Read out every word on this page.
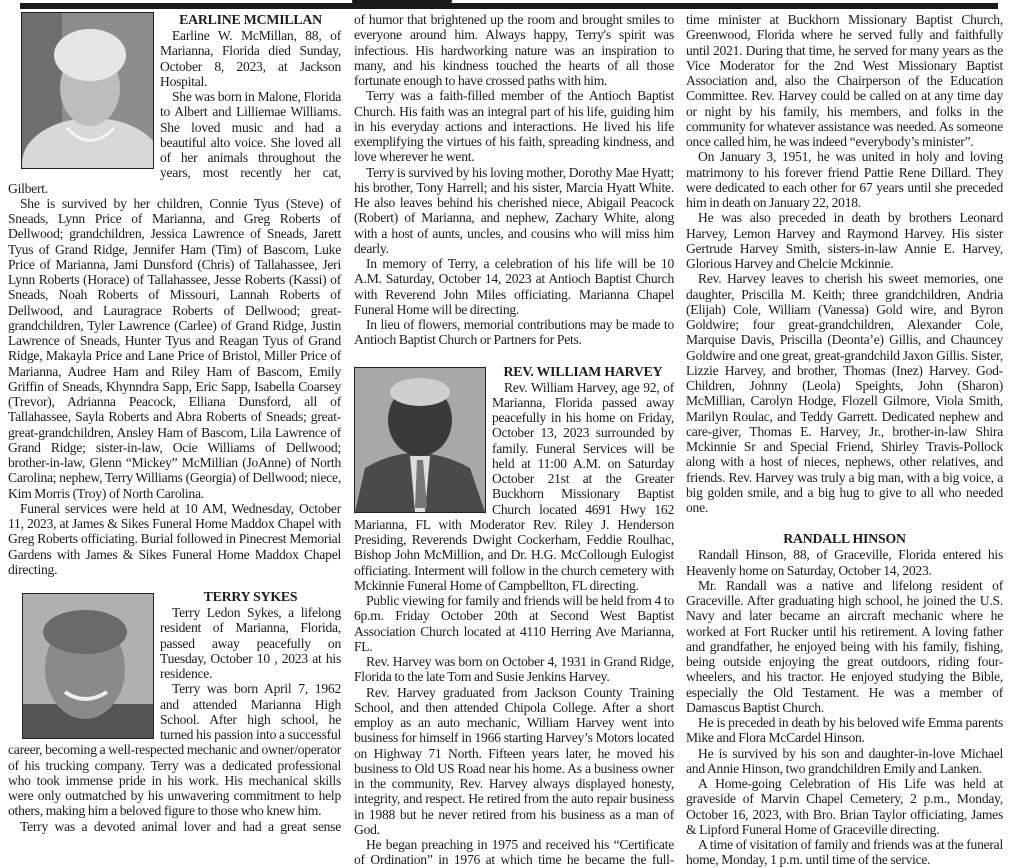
EARLINE MCMILLAN

Earline W. McMillan, 88, of Marianna, Florida died Sunday, October 8, 2023, at Jackson Hospital.

She was born in Malone, Florida to Albert and Lilliemae Williams. She loved music and had a beautiful alto voice. She loved all of her animals throughout the years, most recently her cat, Gilbert.

She is survived by her children, Connie Tyus (Steve) of Sneads, Lynn Price of Marianna, and Greg Roberts of Dellwood; grandchildren, Jessica Lawrence of Sneads, Jarett Tyus of Grand Ridge, Jennifer Ham (Tim) of Bascom, Luke Price of Marianna, Jami Dunsford (Chris) of Tallahassee, Jeri Lynn Roberts (Horace) of Tallahassee, Jesse Roberts (Kassi) of Sneads, Noah Roberts of Missouri, Lannah Roberts of Dellwood, and Lauragrace Roberts of Dellwood; great-grandchildren, Tyler Lawrence (Carlee) of Grand Ridge, Justin Lawrence of Sneads, Hunter Tyus and Reagan Tyus of Grand Ridge, Makayla Price and Lane Price of Bristol, Miller Price of Marianna, Audree Ham and Riley Ham of Bascom, Emily Griffin of Sneads, Khynndra Sapp, Eric Sapp, Isabella Coarsey (Trevor), Adrianna Peacock, Elliana Dunsford, all of Tallahassee, Sayla Roberts and Abra Roberts of Sneads; great-great-grandchildren, Ansley Ham of Bascom, Lila Lawrence of Grand Ridge; sister-in-law, Ocie Williams of Dellwood; brother-in-law, Glenn “Mickey” McMillian (JoAnne) of North Carolina; nephew, Terry Williams (Georgia) of Dellwood; niece, Kim Morris (Troy) of North Carolina.

Funeral services were held at 10 AM, Wednesday, October 11, 2023, at James & Sikes Funeral Home Maddox Chapel with Greg Roberts officiating. Burial followed in Pinecrest Memorial Gardens with James & Sikes Funeral Home Maddox Chapel directing.

TERRY SYKES

Terry Ledon Sykes, a lifelong resident of Marianna, Florida, passed away peacefully on Tuesday, October 10 , 2023 at his residence.

Terry was born April 7, 1962 and attended Marianna High School. After high school, he turned his passion into a successful career, becoming a well-respected mechanic and owner/operator of his trucking company. Terry was a dedicated professional who took immense pride in his work. His mechanical skills were only outmatched by his unwavering commitment to help others, making him a beloved figure to those who knew him.

Terry was a devoted animal lover and had a great sense

of humor that brightened up the room and brought smiles to everyone around him. Always happy, Terry's spirit was infectious. His hardworking nature was an inspiration to many, and his kindness touched the hearts of all those fortunate enough to have crossed paths with him.

Terry was a faith-filled member of the Antioch Baptist Church. His faith was an integral part of his life, guiding him in his everyday actions and interactions. He lived his life exemplifying the virtues of his faith, spreading kindness, and love wherever he went.

Terry is survived by his loving mother, Dorothy Mae Hyatt; his brother, Tony Harrell; and his sister, Marcia Hyatt White. He also leaves behind his cherished niece, Abigail Peacock (Robert) of Marianna, and nephew, Zachary White, along with a host of aunts, uncles, and cousins who will miss him dearly.

In memory of Terry, a celebration of his life will be 10 A.M. Saturday, October 14, 2023 at Antioch Baptist Church with Reverend John Miles officiating. Marianna Chapel Funeral Home will be directing.

In lieu of flowers, memorial contributions may be made to Antioch Baptist Church or Partners for Pets.

REV. WILLIAM HARVEY

Rev. William Harvey, age 92, of Marianna, Florida passed away peacefully in his home on Friday, October 13, 2023 surrounded by family. Funeral Services will be held at 11:00 A.M. on Saturday October 21st at the Greater Buckhorn Missionary Baptist Church located 4691 Hwy 162 Marianna, FL with Moderator Rev. Riley J. Henderson Presiding, Reverends Dwight Cockerham, Feddie Roulhac, Bishop John McMillion, and Dr. H.G. McCollough Eulogist officiating. Interment will follow in the church cemetery with Mckinnie Funeral Home of Campbellton, FL directing.

Public viewing for family and friends will be held from 4 to 6p.m. Friday October 20th at Second West Baptist Association Church located at 4110 Herring Ave Marianna, FL.

Rev. Harvey was born on October 4, 1931 in Grand Ridge, Florida to the late Tom and Susie Jenkins Harvey.

Rev. Harvey graduated from Jackson County Training School, and then attended Chipola College. After a short employ as an auto mechanic, William Harvey went into business for himself in 1966 starting Harvey’s Motors located on Highway 71 North. Fifteen years later, he moved his business to Old US Road near his home. As a business owner in the community, Rev. Harvey always displayed honesty, integrity, and respect. He retired from the auto repair business in 1988 but he never retired from his business as a man of God.

He began preaching in 1975 and received his “Certificate of Ordination” in 1976 at which time he became the full-

time minister at Buckhorn Missionary Baptist Church, Greenwood, Florida where he served fully and faithfully until 2021. During that time, he served for many years as the Vice Moderator for the 2nd West Missionary Baptist Association and, also the Chairperson of the Education Committee. Rev. Harvey could be called on at any time day or night by his family, his members, and folks in the community for whatever assistance was needed. As someone once called him, he was indeed “everybody’s minister”.

On January 3, 1951, he was united in holy and loving matrimony to his forever friend Pattie Rene Dillard. They were dedicated to each other for 67 years until she preceded him in death on January 22, 2018.

He was also preceded in death by brothers Leonard Harvey, Lemon Harvey and Raymond Harvey. His sister Gertrude Harvey Smith, sisters-in-law Annie E. Harvey, Glorious Harvey and Chelcie Mckinnie.

Rev. Harvey leaves to cherish his sweet memories, one daughter, Priscilla M. Keith; three grandchildren, Andria (Elijah) Cole, William (Vanessa) Gold wire, and Byron Goldwire; four great-grandchildren, Alexander Cole, Marquise Davis, Priscilla (Deonta’e) Gillis, and Chauncey Goldwire and one great, great-grandchild Jaxon Gillis. Sister, Lizzie Harvey, and brother, Thomas (Inez) Harvey. God-Children, Johnny (Leola) Speights, John (Sharon) McMillian, Carolyn Hodge, Flozell Gilmore, Viola Smith, Marilyn Roulac, and Teddy Garrett. Dedicated nephew and care-giver, Thomas E. Harvey, Jr., brother-in-law Shira Mckinnie Sr and Special Friend, Shirley Travis-Pollock along with a host of nieces, nephews, other relatives, and friends. Rev. Harvey was truly a big man, with a big voice, a big golden smile, and a big hug to give to all who needed one.

RANDALL HINSON

Randall Hinson, 88, of Graceville, Florida entered his Heavenly home on Saturday, October 14, 2023.

Mr. Randall was a native and lifelong resident of Graceville. After graduating high school, he joined the U.S. Navy and later became an aircraft mechanic where he worked at Fort Rucker until his retirement. A loving father and grandfather, he enjoyed being with his family, fishing, being outside enjoying the great outdoors, riding four-wheelers, and his tractor. He enjoyed studying the Bible, especially the Old Testament. He was a member of Damascus Baptist Church.

He is preceded in death by his beloved wife Emma parents Mike and Flora McCardel Hinson.

He is survived by his son and daughter-in-love Michael and Annie Hinson, two grandchildren Emily and Lanken.

A Home-going Celebration of His Life was held at graveside of Marvin Chapel Cemetery, 2 p.m., Monday, October 16, 2023, with Bro. Brian Taylor officiating, James & Lipford Funeral Home of Graceville directing.

A time of visitation of family and friends was at the funeral home, Monday, 1 p.m. until time of the service.
